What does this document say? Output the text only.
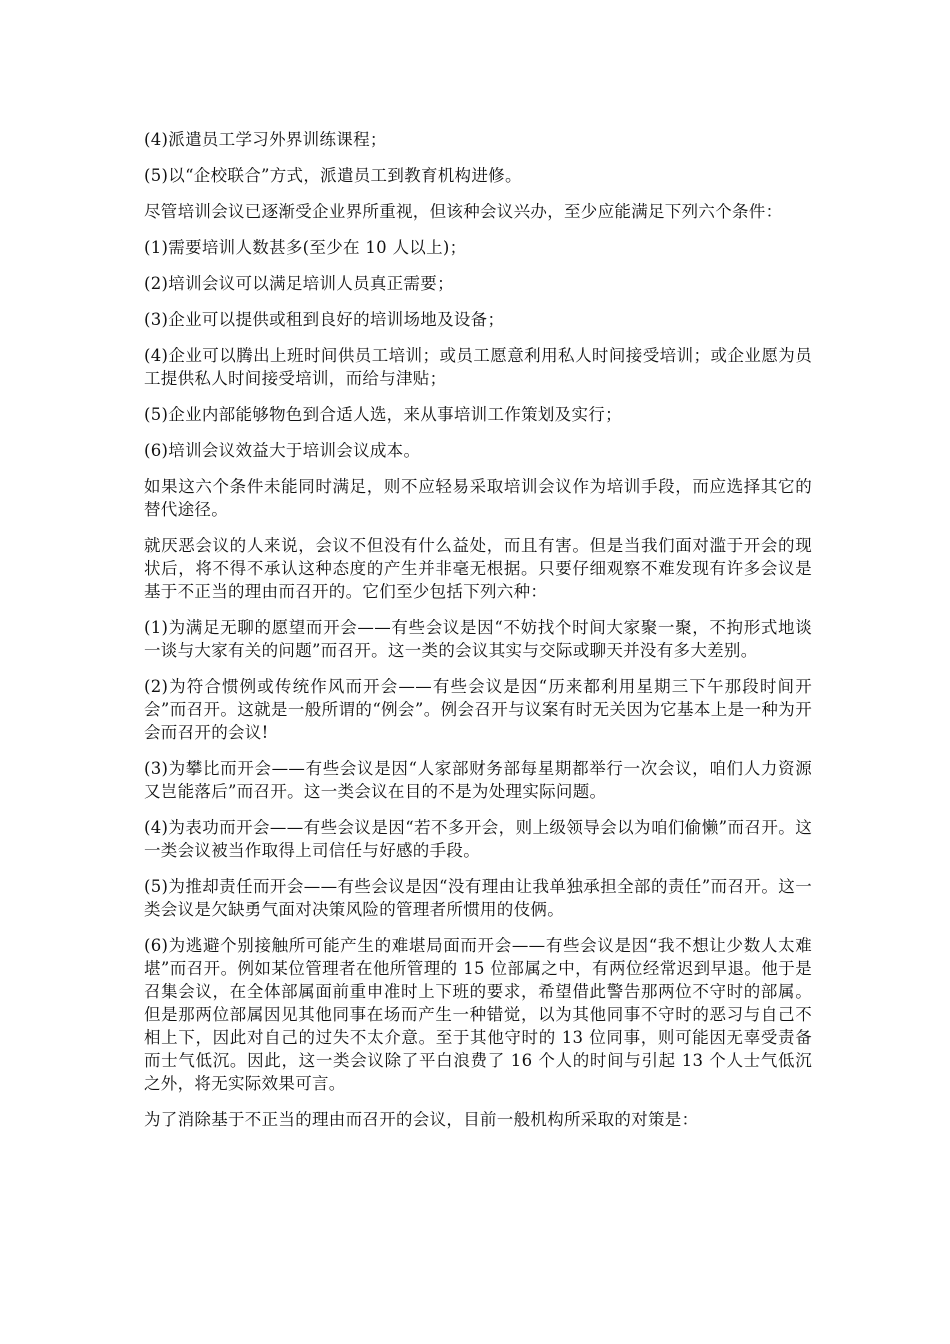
(4)派遣员工学习外界训练课程；

(5)以“企校联合”方式，派遣员工到教育机构进修。

尽管培训会议已逐渐受企业界所重视，但该种会议兴办，至少应能满足下列六个条件：

(1)需要培训人数甚多(至少在 10 人以上)；

(2)培训会议可以满足培训人员真正需要；

(3)企业可以提供或租到良好的培训场地及设备；

(4)企业可以腾出上班时间供员工培训；或员工愿意利用私人时间接受培训；或企业愿为员工提供私人时间接受培训，而给与津贴；

(5)企业内部能够物色到合适人选，来从事培训工作策划及实行；

(6)培训会议效益大于培训会议成本。

如果这六个条件未能同时满足，则不应轻易采取培训会议作为培训手段，而应选择其它的替代途径。

就厌恶会议的人来说，会议不但没有什么益处，而且有害。但是当我们面对滥于开会的现状后，将不得不承认这种态度的产生并非毫无根据。只要仔细观察不难发现有许多会议是基于不正当的理由而召开的。它们至少包括下列六种：

(1)为满足无聊的愿望而开会——有些会议是因“不妨找个时间大家聚一聚，不拘形式地谈一谈与大家有关的问题”而召开。这一类的会议其实与交际或聊天并没有多大差别。

(2)为符合惯例或传统作风而开会——有些会议是因“历来都利用星期三下午那段时间开会”而召开。这就是一般所谓的“例会”。例会召开与议案有时无关因为它基本上是一种为开会而召开的会议!

(3)为攀比而开会——有些会议是因“人家部财务部每星期都举行一次会议，咱们人力资源又岂能落后”而召开。这一类会议在目的不是为处理实际问题。

(4)为表功而开会——有些会议是因“若不多开会，则上级领导会以为咱们偷懒”而召开。这一类会议被当作取得上司信任与好感的手段。

(5)为推却责任而开会——有些会议是因“没有理由让我单独承担全部的责任”而召开。这一类会议是欠缺勇气面对决策风险的管理者所惯用的伎俩。

(6)为逃避个别接触所可能产生的难堪局面而开会——有些会议是因“我不想让少数人太难堪”而召开。例如某位管理者在他所管理的 15 位部属之中，有两位经常迟到早退。他于是召集会议，在全体部属面前重申准时上下班的要求，希望借此警告那两位不守时的部属。但是那两位部属因见其他同事在场而产生一种错觉，以为其他同事不守时的恶习与自己不相上下，因此对自己的过失不太介意。至于其他守时的 13 位同事，则可能因无辜受责备而士气低沉。因此，这一类会议除了平白浪费了 16 个人的时间与引起 13 个人士气低沉之外，将无实际效果可言。

为了消除基于不正当的理由而召开的会议，目前一般机构所采取的对策是：
